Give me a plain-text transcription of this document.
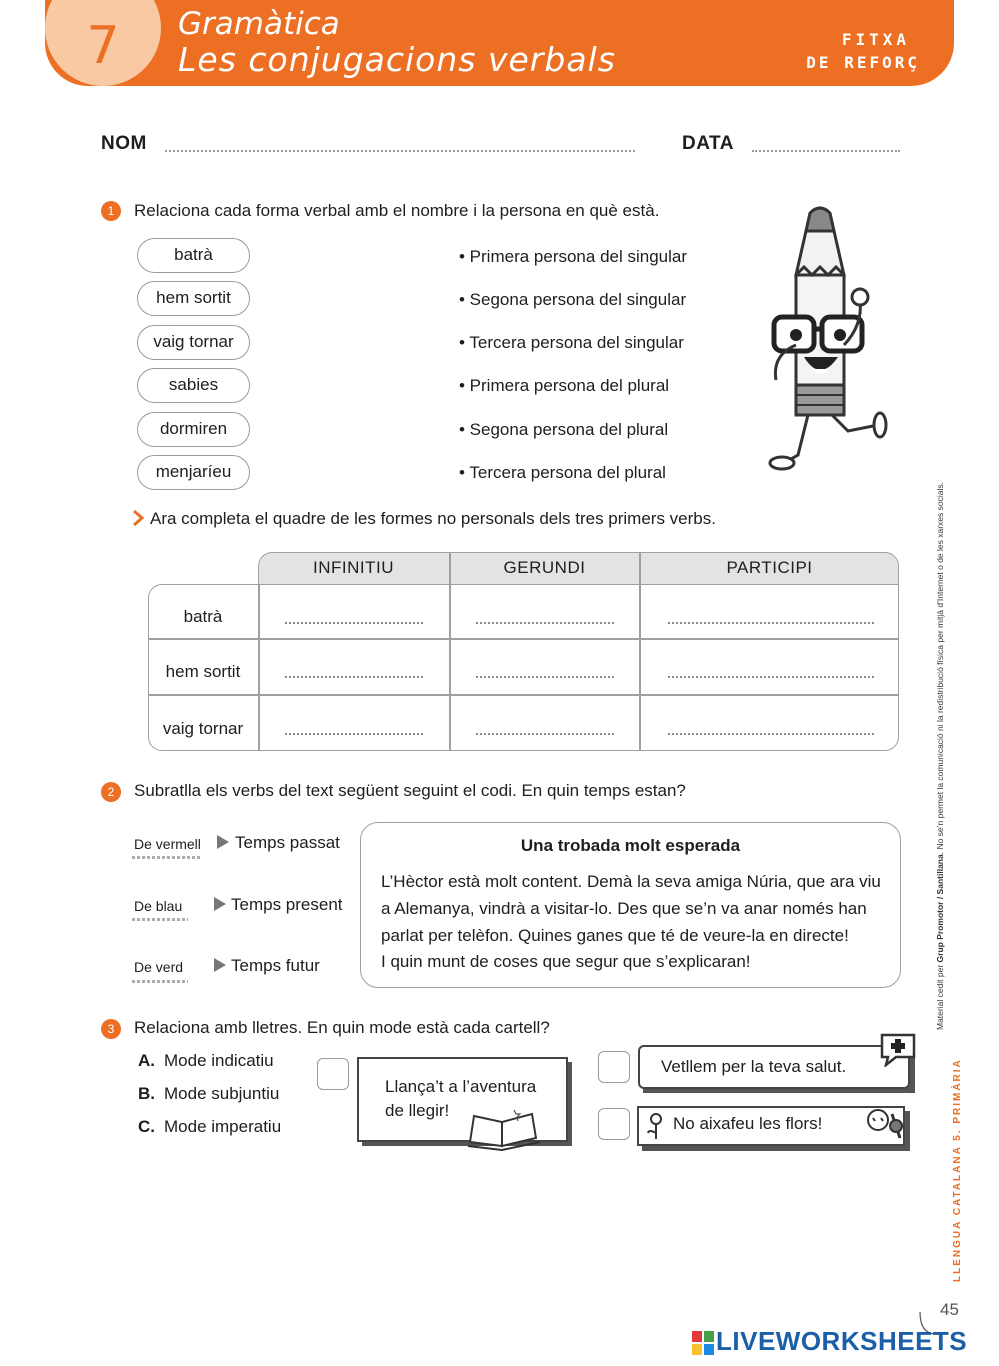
7	Gramàtica
Les conjugacions verbals
FITXA
DE REFORÇ
NOM	DATA
1	Relaciona cada forma verbal amb el nombre i la persona en què està.
batrà
hem sortit
vaig tornar
sabies
dormiren
menjaríeu
• Primera persona del singular
• Segona persona del singular
• Tercera persona del singular
• Primera persona del plural
• Segona persona del plural
• Tercera persona del plural
Ara completa el quadre de les formes no personals dels tres primers verbs.
INFINITIU	GERUNDI	PARTICIPI
batrà
hem sortit
vaig tornar
2	Subratlla els verbs del text següent seguint el codi. En quin temps estan?
De vermell Temps passat
De blau	Temps present
De verd	Temps futur
Una trobada molt esperada
L’Hèctor està molt content. Demà la seva amiga Núria, que ara viu
a Alemanya, vindrà a visitar-lo. Des que se’n va anar només han
parlat per telèfon. Quines ganes que té de veure-la en directe!
I quin munt de coses que segur que s’explicaran!
3	Relaciona amb lletres. En quin mode està cada cartell?
A. Mode indicatiu
B. Mode subjuntiu
C. Mode imperatiu
Llança’t a l’aventura
de llegir!
Vetllem per la teva salut.
No aixafeu les flors!
Material cedit per Grup Promotor / Santillana. No se’n permet la comunicació ni la redistribució física per mitjà d’Internet o de les xarxes socials.
LLENGUA CATALANA 5. PRIMÀRIA
45
LIVEWORKSHEETS
